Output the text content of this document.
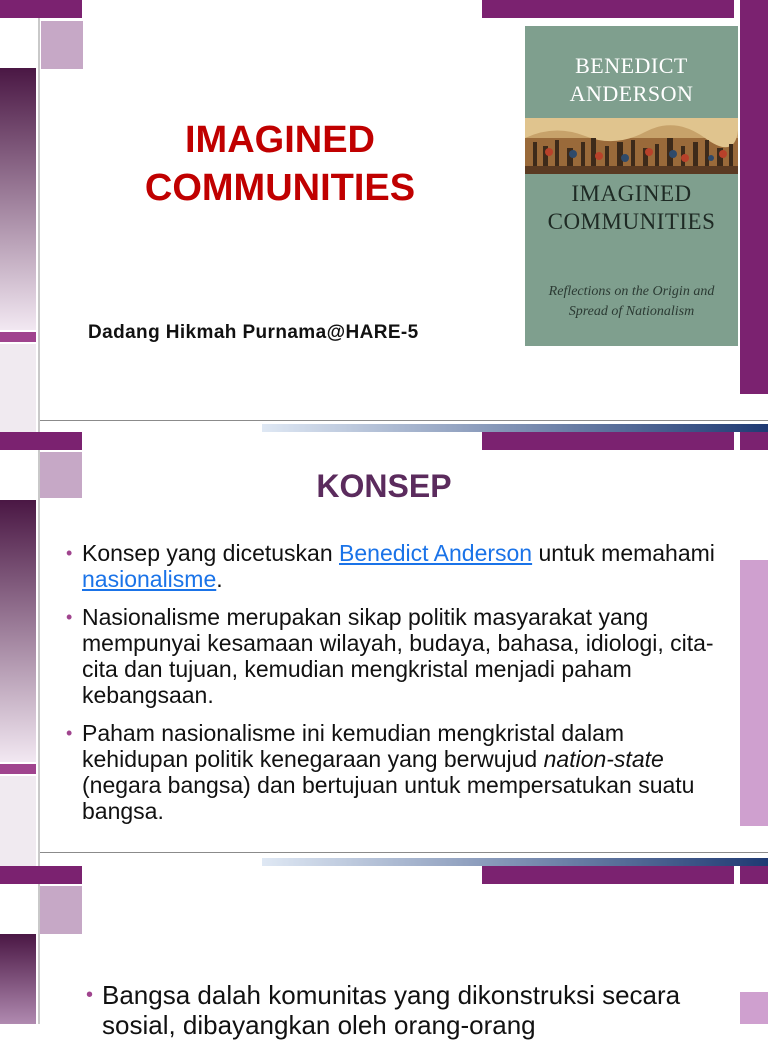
IMAGINED
COMMUNITIES
Dadang Hikmah Purnama@HARE-5
BENEDICT
ANDERSON
IMAGINED
COMMUNITIES
Reflections on the Origin and
Spread of Nationalism
KONSEP
• Konsep yang dicetuskan Benedict Anderson untuk memahami nasionalisme.
• Nasionalisme merupakan sikap politik masyarakat yang mempunyai kesamaan wilayah, budaya, bahasa, idiologi, cita-cita dan tujuan, kemudian mengkristal menjadi paham kebangsaan.
• Paham nasionalisme ini kemudian mengkristal dalam kehidupan politik kenegaraan yang berwujud nation-state (negara bangsa) dan bertujuan untuk mempersatukan suatu bangsa.
• Bangsa dalah komunitas yang dikonstruksi secara sosial, dibayangkan oleh orang-orang
